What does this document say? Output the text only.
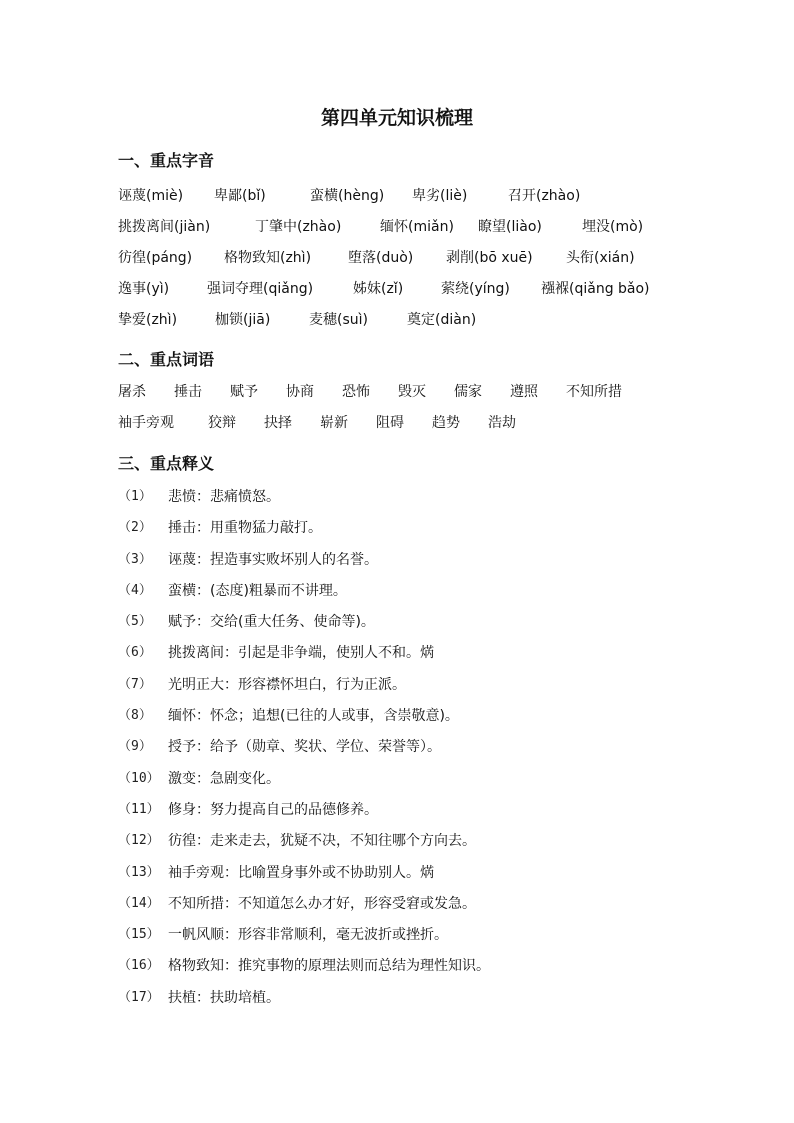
第四单元知识梳理
一、重点字音
诬蔑(miè)	卑鄙(bǐ)	蛮横(hèng)	卑劣(liè)	召开(zhào)
挑拨离间(jiàn)	丁肇中(zhào)	缅怀(miǎn)	瞭望(liào)	埋没(mò)
彷徨(páng)	格物致知(zhì)	堕落(duò)	剥削(bō xuē)	头衔(xián)
逸事(yì)	强词夺理(qiǎng)	姊妹(zǐ)	萦绕(yíng)	襁褓(qiǎng bǎo)
挚爱(zhì)	枷锁(jiā)	麦穗(suì)	奠定(diàn)
二、重点词语
屠杀	捶击	赋予	协商	恐怖	毁灭	儒家	遵照	不知所措
袖手旁观	狡辩	抉择	崭新	阻碍	趋势	浩劫
三、重点释义
（1）	悲愤：悲痛愤怒。
（2）	捶击：用重物猛力敲打。
（3）	诬蔑：捏造事实败坏别人的名誉。
（4）	蛮横：(态度)粗暴而不讲理。
（5）	赋予：交给(重大任务、使命等)。
（6）	挑拨离间：引起是非争端，使别人不和。焫
（7）	光明正大：形容襟怀坦白，行为正派。
（8）	缅怀：怀念；追想(已往的人或事，含崇敬意)。
（9）	授予：给予（勋章、奖状、学位、荣誉等）。
（10） 激变：急剧变化。
（11） 修身：努力提高自己的品德修养。
（12） 彷徨：走来走去，犹疑不决，不知往哪个方向去。
（13） 袖手旁观：比喻置身事外或不协助别人。焫
（14） 不知所措：不知道怎么办才好，形容受窘或发急。
（15） 一帆风顺：形容非常顺利，毫无波折或挫折。
（16） 格物致知：推究事物的原理法则而总结为理性知识。
（17） 扶植：扶助培植。
